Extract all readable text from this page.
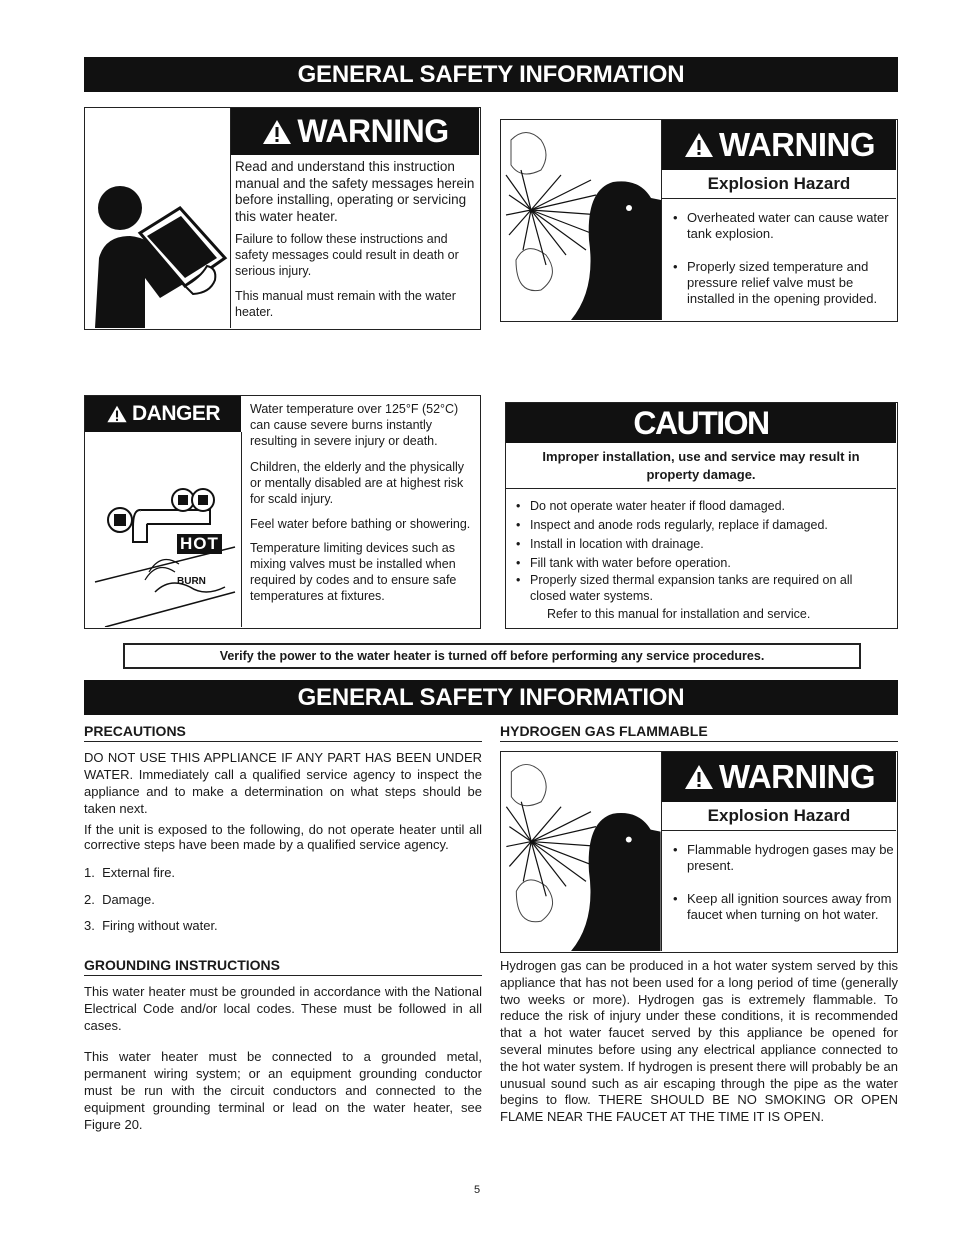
GENERAL SAFETY INFORMATION
WARNING
Read and understand this instruction manual and the safety messages herein before installing, operating or servicing this water heater.
Failure to follow these instructions and safety messages could result in death or serious injury.
This manual must remain with the water heater.
WARNING
Explosion Hazard
• Overheated water can cause water tank explosion.
• Properly sized temperature and pressure relief valve must be installed in the opening provided.
DANGER
HOT
BURN
Water temperature over 125°F (52°C) can cause severe burns instantly resulting in severe injury or death.
Children, the elderly and the physically or mentally disabled are at highest risk for scald injury.
Feel water before bathing or showering.
Temperature limiting devices such as mixing valves must be installed when required by codes and to ensure safe temperatures at fixtures.
CAUTION
Improper installation, use and service may result in property damage.
• Do not operate water heater if flood damaged.
• Inspect and anode rods regularly, replace if damaged.
• Install in location with drainage.
• Fill tank with water before operation.
• Properly sized thermal expansion tanks are required on all closed water systems.
Refer to this manual for installation and service.
Verify the power to the water heater is turned off before performing any service procedures.
GENERAL SAFETY INFORMATION
PRECAUTIONS
DO NOT USE THIS APPLIANCE IF ANY PART HAS BEEN UNDER WATER. Immediately call a qualified service agency to inspect the appliance and to make a determination on what steps should be taken next.
If the unit is exposed to the following, do not operate heater until all corrective steps have been made by a qualified service agency.
1.  External fire.
2.  Damage.
3.  Firing without water.
GROUNDING INSTRUCTIONS
This water heater must be grounded in accordance with the National Electrical Code and/or local codes. These must be followed in all cases.
This water heater must be connected to a grounded metal, permanent wiring system; or an equipment grounding conductor must be run with the circuit conductors and connected to the equipment grounding terminal or lead on the water heater, see Figure 20.
HYDROGEN GAS FLAMMABLE
WARNING
Explosion Hazard
• Flammable hydrogen gases may be present.
• Keep all ignition sources away from faucet when turning on hot water.
Hydrogen gas can be produced in a hot water system served by this appliance that has not been used for a long period of time (generally two weeks or more). Hydrogen gas is extremely flammable. To reduce the risk of injury under these conditions, it is recommended that a hot water faucet served by this appliance be opened for several minutes before using any electrical appliance connected to the hot water system. If hydrogen is present there will probably be an unusual sound such as air escaping through the pipe as the water begins to flow. THERE SHOULD BE NO SMOKING OR OPEN FLAME NEAR THE FAUCET AT THE TIME IT IS OPEN.
5
